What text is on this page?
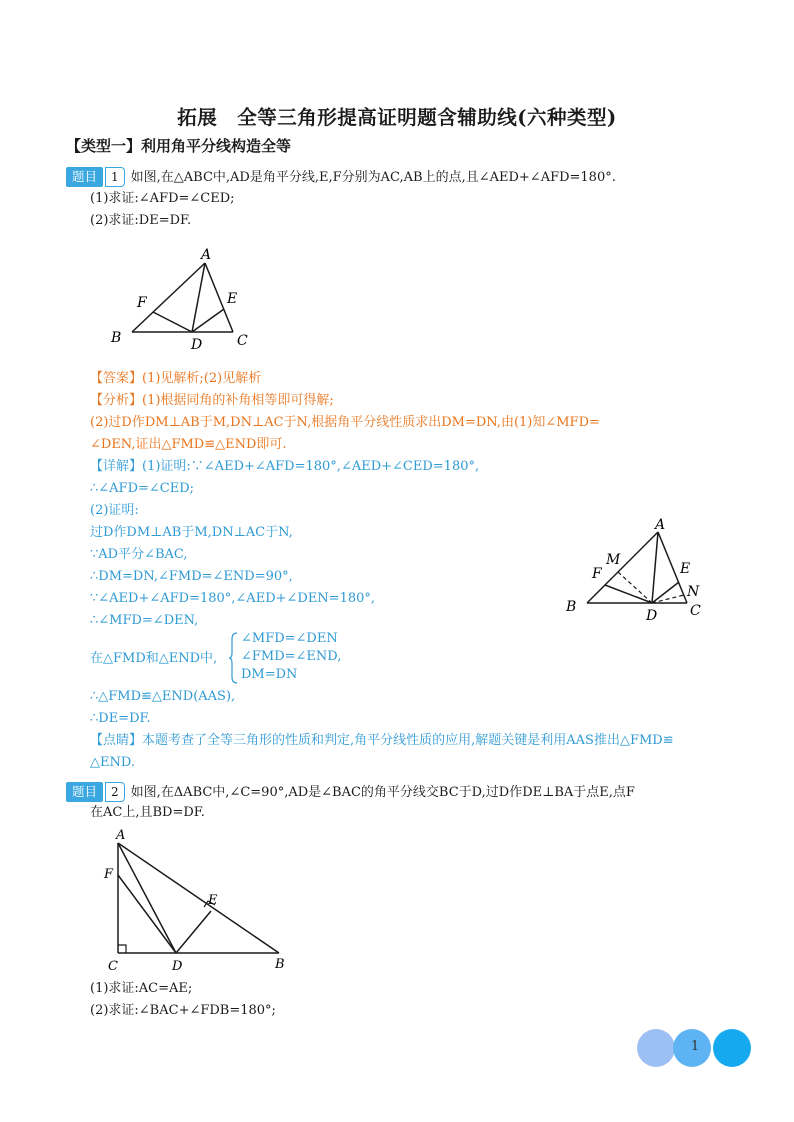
拓展　全等三角形提高证明题含辅助线(六种类型)
【类型一】利用角平分线构造全等
题目 1 如图,在△ABC中,AD是角平分线,E,F分别为AC,AB上的点,且∠AED+∠AFD=180°.
(1)求证:∠AFD=∠CED;
(2)求证:DE=DF.
A
B	C
D
E
F
【答案】(1)见解析;(2)见解析
【分析】(1)根据同角的补角相等即可得解;
(2)过D作DM⊥AB于M,DN⊥AC于N,根据角平分线性质求出DM=DN,由(1)知∠MFD=
∠DEN,证出△FMD≌△END即可.
【详解】(1)证明:∵∠AED+∠AFD=180°,∠AED+∠CED=180°,
∴∠AFD=∠CED;
(2)证明:
过D作DM⊥AB于M,DN⊥AC于N,
∵AD平分∠BAC,
∴DM=DN,∠FMD=∠END=90°,
∵∠AED+∠AFD=180°,∠AED+∠DEN=180°,
∴∠MFD=∠DEN,
在△FMD和△END中,
∠MFD=∠DEN
∠FMD=∠END,
DM=DN
∴△FMD≌△END(AAS),
∴DE=DF.
【点睛】本题考查了全等三角形的性质和判定,角平分线性质的应用,解题关键是利用AAS推出△FMD≌
△END.
A
B	C
D
E
F
M
N
题目 2 如图,在ΔABC中,∠C=90°,AD是∠BAC的角平分线交BC于D,过D作DE⊥BA于点E,点F
在AC上,且BD=DF.
A
B
C	D
E
F
(1)求证:AC=AE;
(2)求证:∠BAC+∠FDB=180°;
1
